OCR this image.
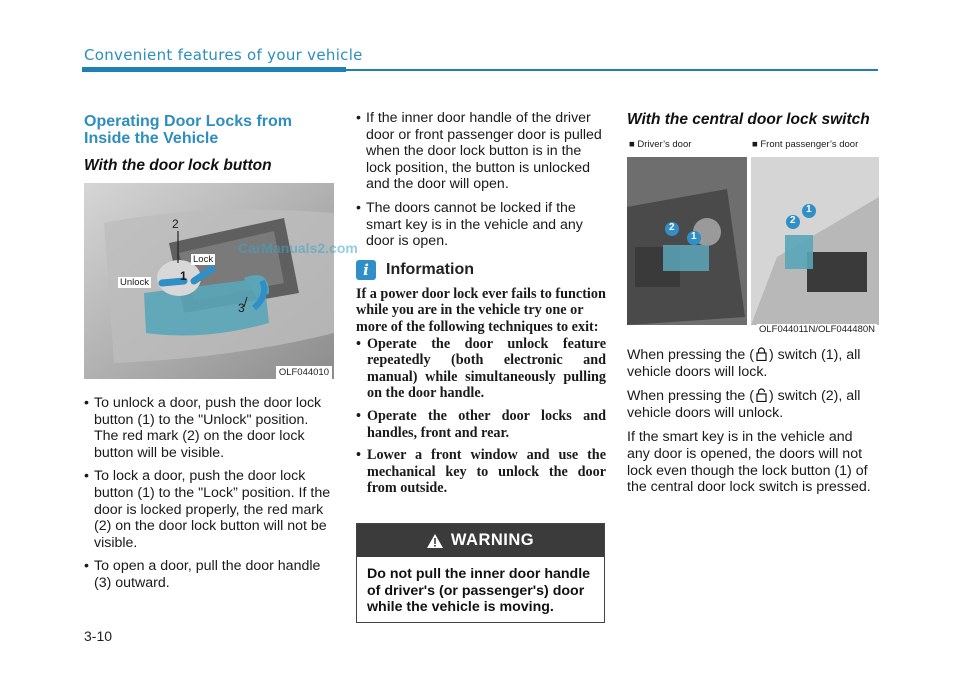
Convenient features of your vehicle
Operating Door Locks from Inside the Vehicle
With the door lock button
2
1
3
Lock
Unlock
OLF044010
• To unlock a door, push the door lock button (1) to the "Unlock" position. The red mark (2) on the door lock button will be visible.
• To lock a door, push the door lock button (1) to the "Lock” position. If the door is locked properly, the red mark (2) on the door lock button will not be visible.
• To open a door, pull the door handle (3) outward.
CarManuals2.com
• If the inner door handle of the driver door or front passenger door is pulled when the door lock button is in the lock position, the button is unlocked and the door will open.
• The doors cannot be locked if the smart key is in the vehicle and any door is open.
i	Information

If a power door lock ever fails to function while you are in the vehicle try one or more of the following techniques to exit:

• Operate the door unlock feature repeatedly (both electronic and manual) while simultaneously pulling on the door handle.
• Operate the other door locks and handles, front and rear.
• Lower a front window and use the mechanical key to unlock the door from outside.
WARNING
Do not pull the inner door handle of driver's (or passenger's) door while the vehicle is moving.
With the central door lock switch
■ Driver’s door	■ Front passenger’s door
2
1
2
1
OLF044011N/OLF044480N

When pressing the ( ) switch (1), all vehicle doors will lock.

When pressing the ( ) switch (2), all vehicle doors will unlock.

If the smart key is in the vehicle and any door is opened, the doors will not lock even though the lock button (1) of the central door lock switch is pressed.

3-10
